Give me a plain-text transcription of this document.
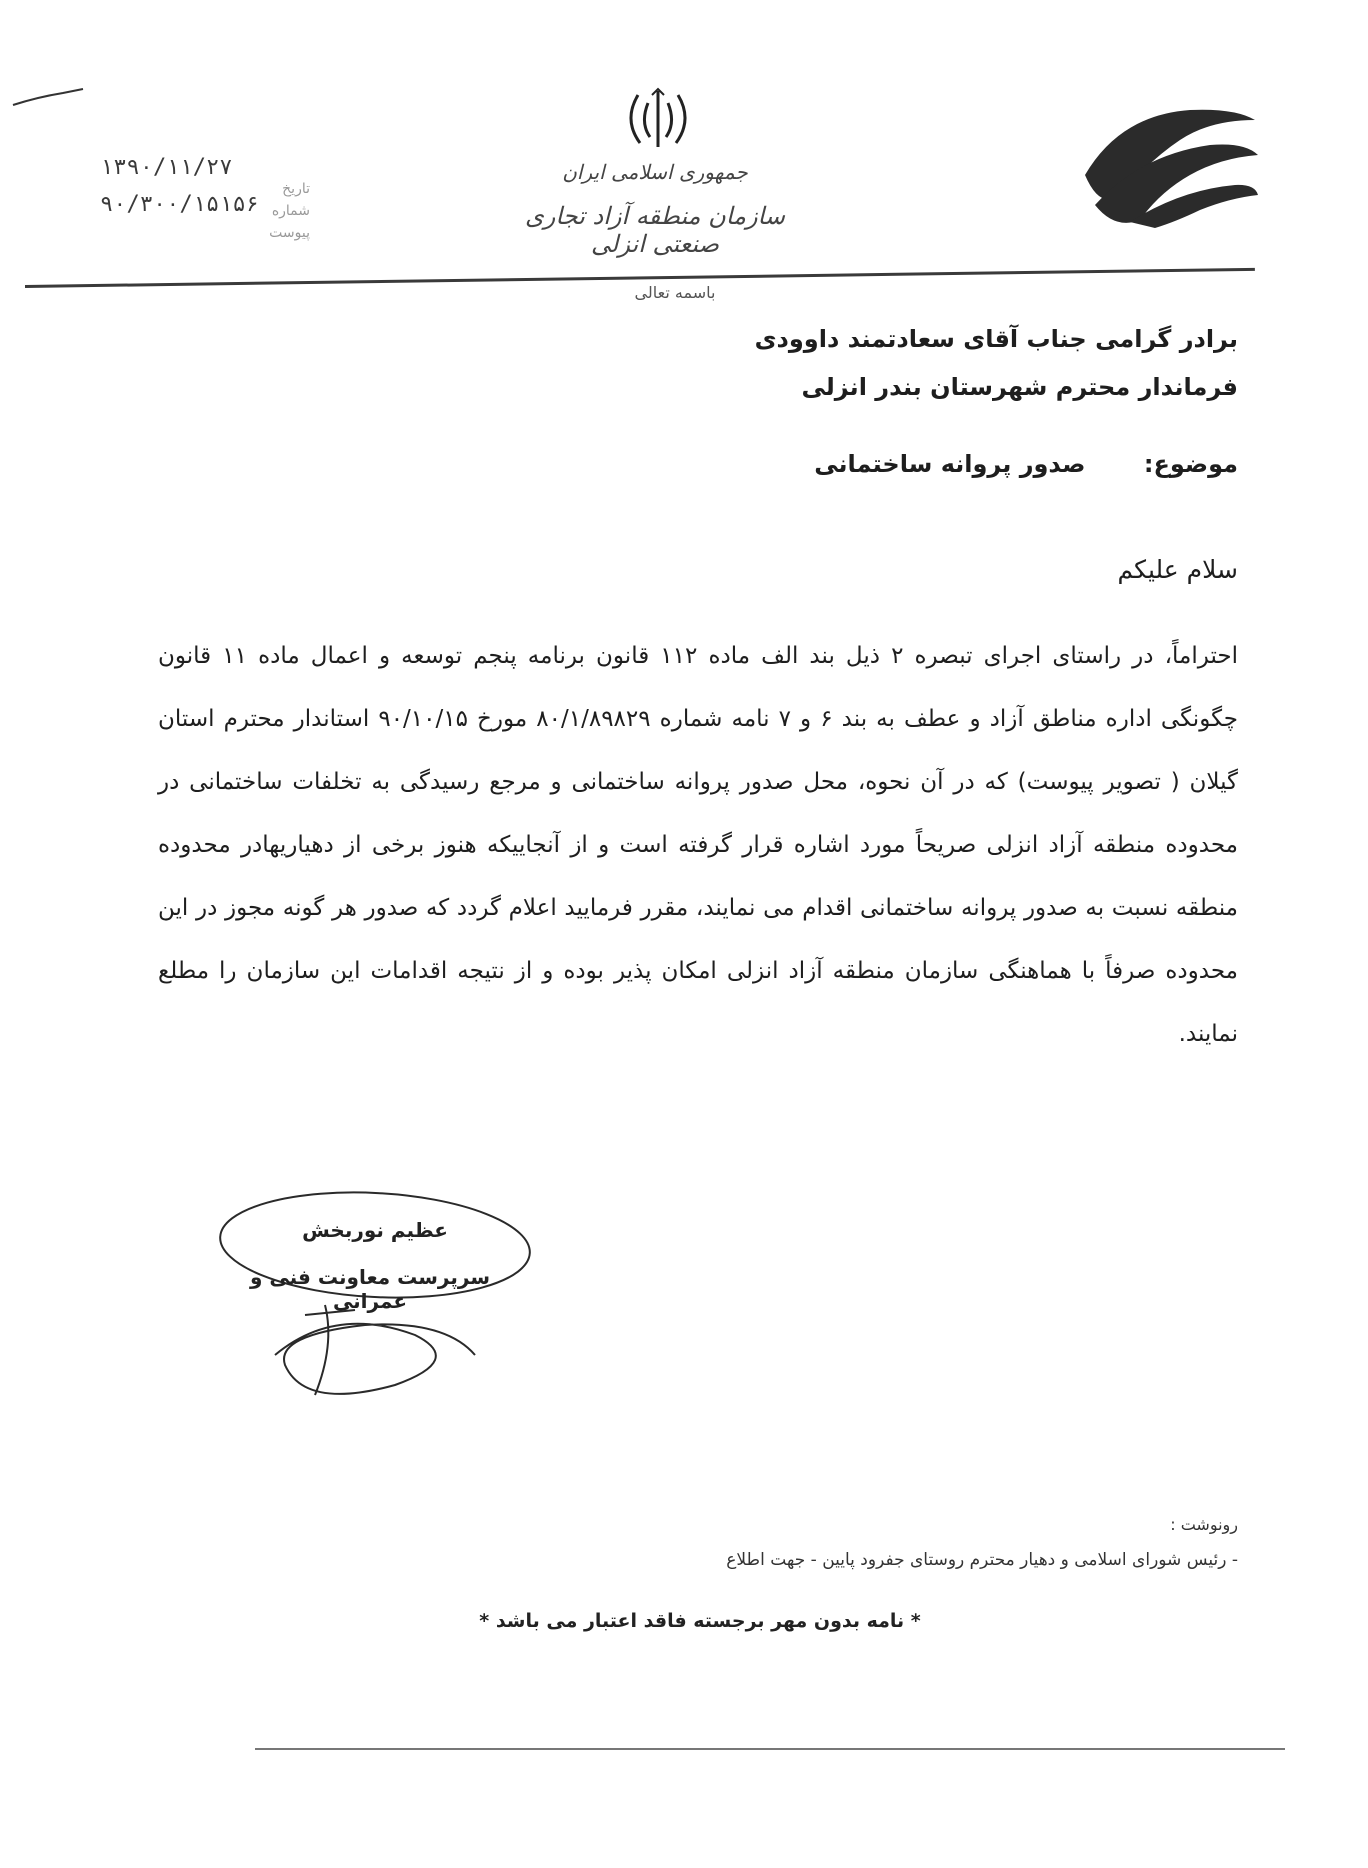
۱۳۹۰/۱۱/۲۷
۹۰/۳۰۰/۱۵۱۵۶
تاریخ
شماره
پیوست
جمهوری اسلامی ایران
سازمان منطقه آزاد تجاری صنعتی انزلی
باسمه تعالی
برادر گرامی جناب آقای سعادتمند داوودی
فرماندار محترم شهرستان بندر انزلی
موضوع: صدور پروانه ساختمانی
سلام علیکم
احتراماً، در راستای اجرای تبصره ۲ ذیل بند الف ماده ۱۱۲ قانون برنامه پنجم توسعه و اعمال ماده ۱۱ قانون چگونگی اداره مناطق آزاد و عطف به بند ۶ و ۷ نامه شماره ۸۰/۱/۸۹۸۲۹ مورخ ۹۰/۱۰/۱۵ استاندار محترم استان گیلان ( تصویر پیوست) که در آن نحوه، محل صدور پروانه ساختمانی و مرجع رسیدگی به تخلفات ساختمانی در محدوده منطقه آزاد انزلی صریحاً مورد اشاره قرار گرفته است و از آنجاییکه هنوز برخی از دهیاریهادر محدوده منطقه نسبت به صدور پروانه ساختمانی اقدام می نمایند، مقرر فرمایید اعلام گردد که صدور هر گونه مجوز در این محدوده صرفاً با هماهنگی سازمان منطقه آزاد انزلی امکان پذیر بوده و از نتیجه اقدامات این سازمان را مطلع نمایند.
عظیم نوربخش
سرپرست معاونت فنی و عمرانی
رونوشت :
- رئیس شورای اسلامی و دهیار محترم روستای جفرود پایین - جهت اطلاع
* نامه بدون مهر برجسته فاقد اعتبار می باشد *
